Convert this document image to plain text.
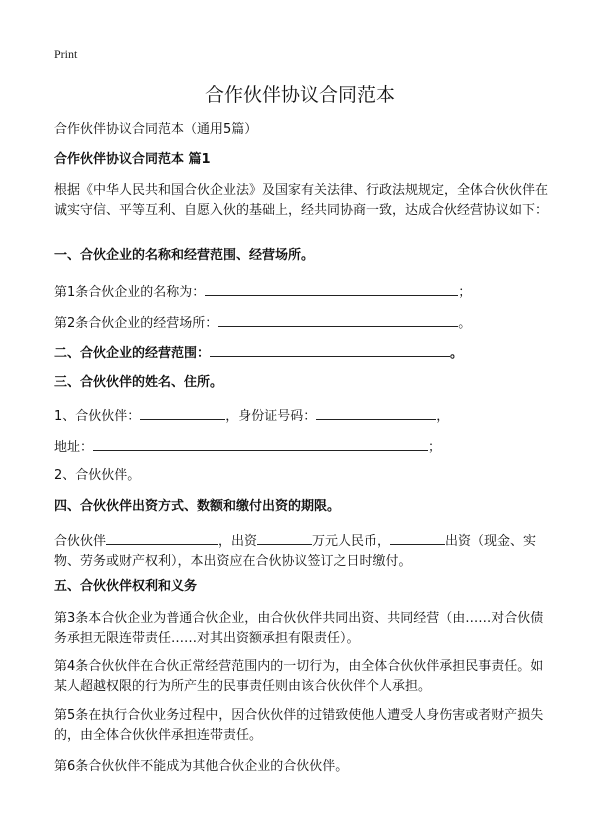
Print
合作伙伴协议合同范本

合作伙伴协议合同范本（通用5篇）

合作伙伴协议合同范本 篇1

根据《中华人民共和国合伙企业法》及国家有关法律、行政法规规定，全体合伙伙伴在诚实守信、平等互利、自愿入伙的基础上，经共同协商一致，达成合伙经营协议如下：

一、合伙企业的名称和经营范围、经营场所。

第1条合伙企业的名称为：	；

第2条合伙企业的经营场所：	。

二、合伙企业的经营范围：	。

三、合伙伙伴的姓名、住所。

1、合伙伙伴：	，身份证号码：	，

地址：	；

2、合伙伙伴。

四、合伙伙伴出资方式、数额和缴付出资的期限。

合伙伙伴	，出资	万元人民币，	出资（现金、实物、劳务或财产权利），本出资应在合伙协议签订之日时缴付。

五、合伙伙伴权利和义务

第3条本合伙企业为普通合伙企业，由合伙伙伴共同出资、共同经营（由……对合伙债务承担无限连带责任……对其出资额承担有限责任）。

第4条合伙伙伴在合伙正常经营范围内的一切行为，由全体合伙伙伴承担民事责任。如某人超越权限的行为所产生的民事责任则由该合伙伙伴个人承担。

第5条在执行合伙业务过程中，因合伙伙伴的过错致使他人遭受人身伤害或者财产损失的，由全体合伙伙伴承担连带责任。

第6条合伙伙伴不能成为其他合伙企业的合伙伙伴。
